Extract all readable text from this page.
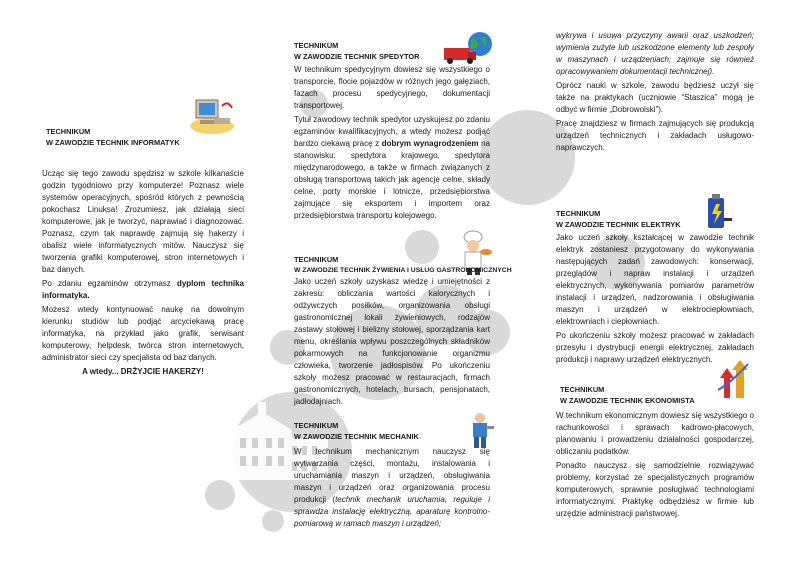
TECHNIKUM
W ZAWODZIE TECHNIK INFORMATYK

Ucząc się tego zawodu spędzisz w szkole kilkanaście godzin tygodniowo przy komputerze! Poznasz wiele systemów operacyjnych, spośród których z pewnością pokochasz Linuksa! Zrozumiesz, jak działają sieci komputerowe, jak je tworzyć, naprawiać i diagnozować. Poznasz, czym tak naprawdę zajmują się hakerzy i obalisz wiele informatycznych mitów. Nauczysz się tworzenia grafiki komputerowej, stron internetowych i baz danych.

Po zdaniu egzaminów otrzymasz dyplom technika informatyka.

Możesz wtedy kontynuować naukę na dowolnym kierunku studiów lub podjąć arcyciekawą pracę informatyka, na przykład jako grafik, serwisant komputerowy, helpdesk, twórca stron internetowych, administrator sieci czy specjalista od baz danych.

A wtedy... DRŻYJCIE HAKERZY!

TECHNIKUM
W ZAWODZIE TECHNIK SPEDYTOR

W technikum spedycyjnym dowiesz się wszystkiego o transporcie, flocie pojazdów w różnych jego gałęziach, fazach procesu spedycyjnego, dokumentacji transportowej.

Tytuł zawodowy technik spedytor uzyskujesz po zdaniu egzaminów kwalifikacyjnych, a wtedy możesz podjąć bardzo ciekawą pracę z dobrym wynagrodzeniem na stanowisku: spedytora krajowego, spedytora międzynarodowego, a także w firmach związanych z obsługą transportową takich jak agencje celne, składy celne, porty morskie i lotnicze, przedsiębiorstwa zajmujące się eksportem i importem oraz przedsiębiorstwa transportu kolejowego.

TECHNIKUM
W ZAWODZIE TECHNIK ŻYWIENIA I USŁUG GASTRONOMICZNYCH

Jako uczeń szkoły uzyskasz wiedzę i umiejętności z zakresu: obliczania wartości kalorycznych i odżywczych posiłków, organizowania obsługi gastronomicznej lokali żywieniowych, rodzajów zastawy stołowej i bielizny stołowej, sporządzania kart menu, określania wpływu poszczególnych składników pokarmowych na funkcjonowanie organizmu człowieka, tworzenie jadłospisów. Po ukończeniu szkoły możesz pracować w restauracjach, firmach gastronomicznych, hotelach, bursach, pensjonatach, jadłodajniach.

TECHNIKUM
W ZAWODZIE TECHNIK MECHANIK

W technikum mechanicznym nauczysz się wytwarzania części, montażu, instalowania i uruchamiania maszyn i urządzeń, obsługiwania maszyn i urządzeń oraz organizowania procesu produkcji (technik mechanik uruchamia, reguluje i sprawdza instalację elektryczną, aparaturę kontrolno-pomiarową w ramach maszyn i urządzeń;

wykrywa i usuwa przyczyny awarii oraz uszkodzeń; wymienia zużyte lub uszkodzone elementy lub zespoły w maszynach i urządzeniach; zajmuje się również opracowywaniem dokumentacji technicznej).

Oprócz nauki w szkole, zawodu będziesz uczył się także na praktykach (uczniowie “Staszica” mogą je odbyć w firmie „Dobrowolski”).

Pracę znajdziesz w firmach zajmujących się produkcją urządzeń technicznych i zakładach usługowo-naprawczych.

TECHNIKUM
W ZAWODZIE TECHNIK ELEKTRYK

Jako uczeń szkoły kształcącej w zawodzie technik elektryk zostaniesz przygotowany do wykonywania następujących zadań zawodowych: konserwacji, przeglądów i napraw instalacji i urządzeń elektrycznych, wykonywania pomiarów parametrów instalacji i urządzeń, nadzorowania i obsługiwania maszyn i urządzeń w elektrociepłowniach, elektrowniach i ciepłowniach.

Po ukończeniu szkoły możesz pracować w zakładach przesyłu i dystrybucji energii elektrycznej, zakładach produkcji i naprawy urządzeń elektrycznych.

TECHNIKUM
W ZAWODZIE TECHNIK EKONOMISTA

W technikum ekonomicznym dowiesz się wszystkiego o rachunkowości i sprawach kadrowo-płacowych, planowaniu i prowadzeniu działalności gospodarczej, obliczaniu podatków.

Ponadto nauczysz się samodzielnie rozwiązywać problemy, korzystać ze specjalistycznych programów komputerowych, sprawnie posługiwać technologiami informatycznymi. Praktykę odbędziesz w firmie lub urzędzie administracji państwowej.
